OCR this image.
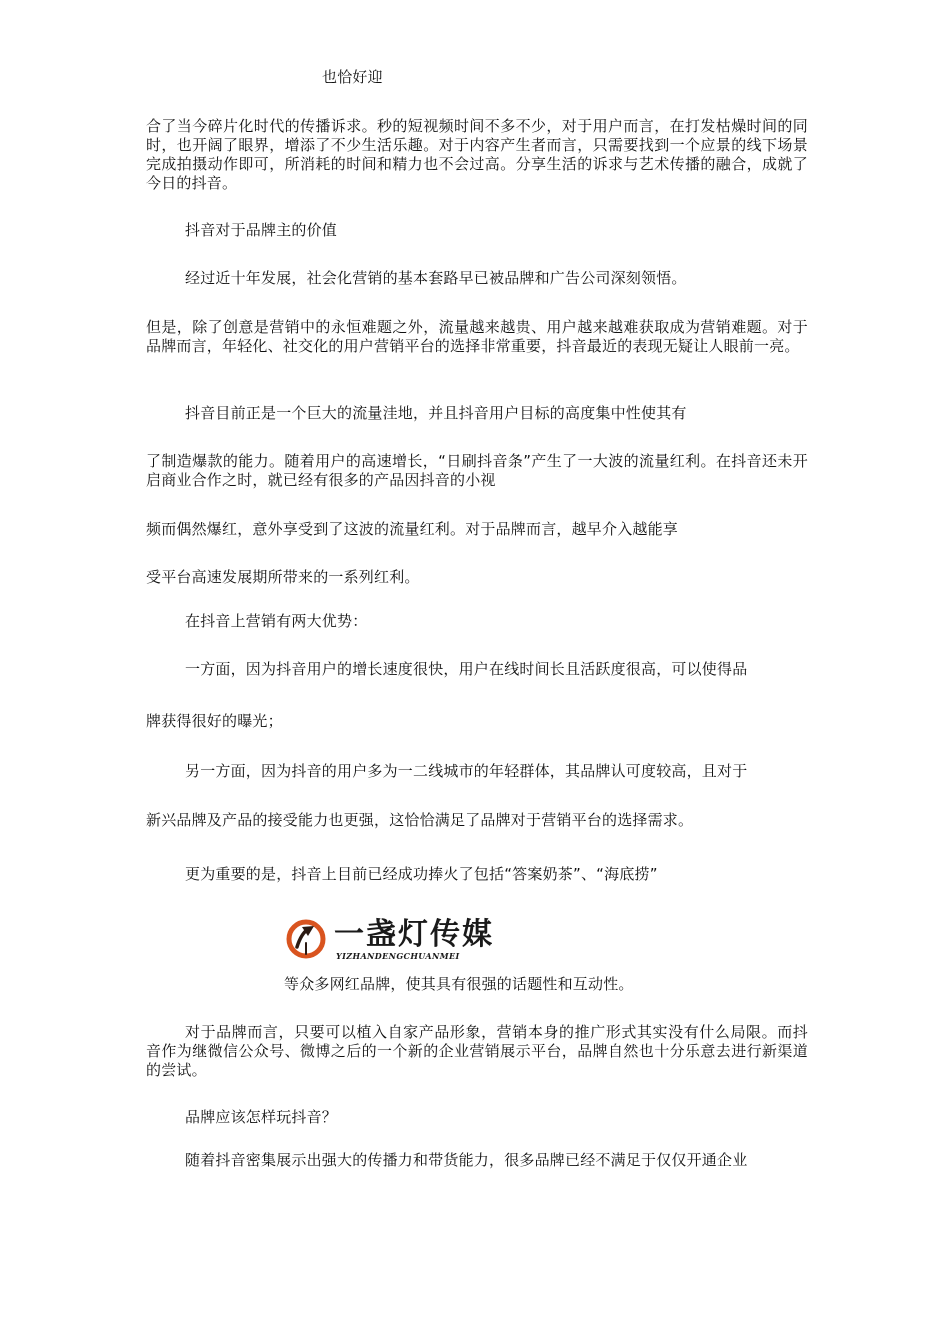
也恰好迎
合了当今碎片化时代的传播诉求。秒的短视频时间不多不少，对于用户而言，在打发枯燥时间的同时，也开阔了眼界，增添了不少生活乐趣。对于内容产生者而言，只需要找到一个应景的线下场景完成拍摄动作即可，所消耗的时间和精力也不会过高。分享生活的诉求与艺术传播的融合，成就了今日的抖音。
抖音对于品牌主的价值
经过近十年发展，社会化营销的基本套路早已被品牌和广告公司深刻领悟。
但是，除了创意是营销中的永恒难题之外，流量越来越贵、用户越来越难获取成为营销难题。对于品牌而言，年轻化、社交化的用户营销平台的选择非常重要，抖音最近的表现无疑让人眼前一亮。
抖音目前正是一个巨大的流量洼地，并且抖音用户目标的高度集中性使其有
了制造爆款的能力。随着用户的高速增长，“日刷抖音条”产生了一大波的流量红利。在抖音还未开启商业合作之时，就已经有很多的产品因抖音的小视
频而偶然爆红，意外享受到了这波的流量红利。对于品牌而言，越早介入越能享
受平台高速发展期所带来的一系列红利。
在抖音上营销有两大优势：
一方面，因为抖音用户的增长速度很快，用户在线时间长且活跃度很高，可以使得品
牌获得很好的曝光；
另一方面，因为抖音的用户多为一二线城市的年轻群体，其品牌认可度较高，且对于
新兴品牌及产品的接受能力也更强，这恰恰满足了品牌对于营销平台的选择需求。
更为重要的是，抖音上目前已经成功捧火了包括“答案奶茶”、“海底捞”
一盏灯传媒
YIZHANDENGCHUANMEI
等众多网红品牌，使其具有很强的话题性和互动性。
对于品牌而言，只要可以植入自家产品形象，营销本身的推广形式其实没有什么局限。而抖音作为继微信公众号、微博之后的一个新的企业营销展示平台，品牌自然也十分乐意去进行新渠道的尝试。
品牌应该怎样玩抖音？
随着抖音密集展示出强大的传播力和带货能力，很多品牌已经不满足于仅仅开通企业
